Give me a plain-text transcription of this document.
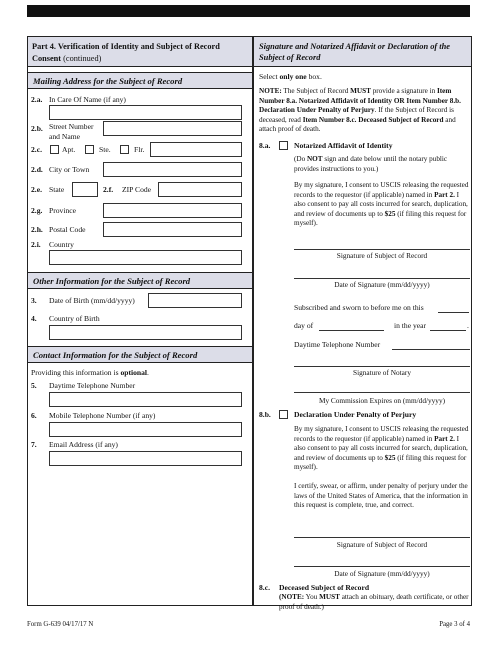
Part 4. Verification of Identity and Subject of Record Consent (continued)
Mailing Address for the Subject of Record
2.a. In Care Of Name (if any)
2.b. Street Number and Name
2.c.	Apt.	Ste.	Flr.
2.d. City or Town
2.e. State	2.f. ZIP Code
2.g. Province
2.h. Postal Code
2.i. Country
Other Information for the Subject of Record
3. Date of Birth (mm/dd/yyyy)
4. Country of Birth
Contact Information for the Subject of Record
Providing this information is optional.
5. Daytime Telephone Number
6. Mobile Telephone Number (if any)
7. Email Address (if any)
Signature and Notarized Affidavit or Declaration of the Subject of Record
Select only one box.
NOTE: The Subject of Record MUST provide a signature in Item Number 8.a. Notarized Affidavit of Identity OR Item Number 8.b. Declaration Under Penalty of Perjury. If the Subject of Record is deceased, read Item Number 8.c. Deceased Subject of Record and attach proof of death.
8.a.	Notarized Affidavit of Identity
(Do NOT sign and date below until the notary public provides instructions to you.)
By my signature, I consent to USCIS releasing the requested records to the requestor (if applicable) named in Part 2. I also consent to pay all costs incurred for search, duplication, and review of documents up to $25 (if filing this request for myself).
Signature of Subject of Record
Date of Signature (mm/dd/yyyy)
Subscribed and sworn to before me on this
day of	in the year	.
Daytime Telephone Number
Signature of Notary
My Commission Expires on (mm/dd/yyyy)
8.b.	Declaration Under Penalty of Perjury
By my signature, I consent to USCIS releasing the requested records to the requestor (if applicable) named in Part 2. I also consent to pay all costs incurred for search, duplication, and review of documents up to $25 (if filing this request for myself).
I certify, swear, or affirm, under penalty of perjury under the laws of the United States of America, that the information in this request is complete, true, and correct.
Signature of Subject of Record
Date of Signature (mm/dd/yyyy)
8.c. Deceased Subject of Record
(NOTE: You MUST attach an obituary, death certificate, or other proof of death.)
Form G-639 04/17/17 N	Page 3 of 4
